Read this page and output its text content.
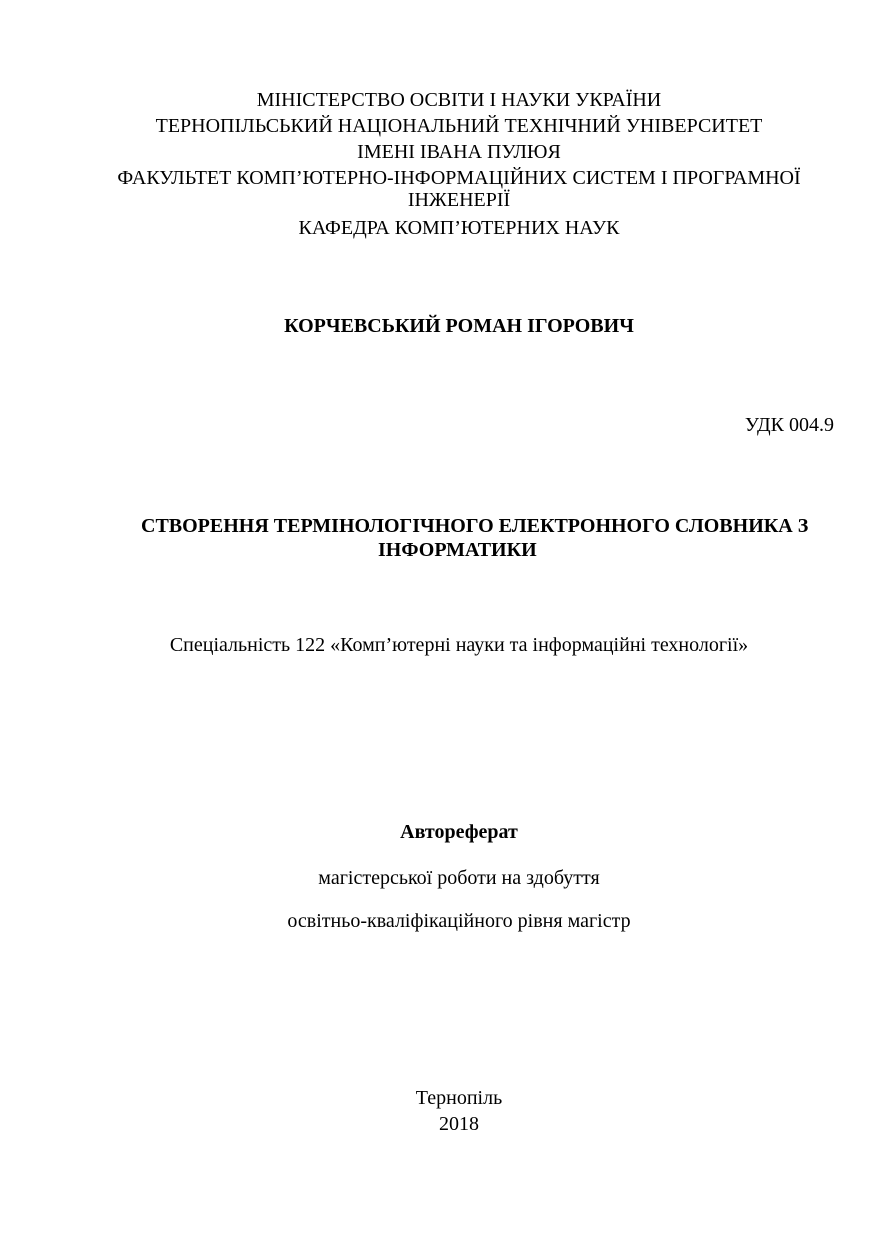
МІНІСТЕРСТВО ОСВІТИ І НАУКИ УКРАЇНИ
ТЕРНОПІЛЬСЬКИЙ НАЦІОНАЛЬНИЙ ТЕХНІЧНИЙ УНІВЕРСИТЕТ
ІМЕНІ ІВАНА ПУЛЮЯ
ФАКУЛЬТЕТ КОМП’ЮТЕРНО-ІНФОРМАЦІЙНИХ СИСТЕМ І ПРОГРАМНОЇ
ІНЖЕНЕРІЇ
КАФЕДРА КОМП’ЮТЕРНИХ НАУК
КОРЧЕВСЬКИЙ РОМАН ІГОРОВИЧ
УДК 004.9
СТВОРЕННЯ ТЕРМІНОЛОГІЧНОГО ЕЛЕКТРОННОГО СЛОВНИКА З
ІНФОРМАТИКИ
Спеціальність 122 «Комп’ютерні науки та інформаційні технології»
Автореферат
магістерської роботи на здобуття
освітньо-кваліфікаційного рівня магістр
Тернопіль
2018
